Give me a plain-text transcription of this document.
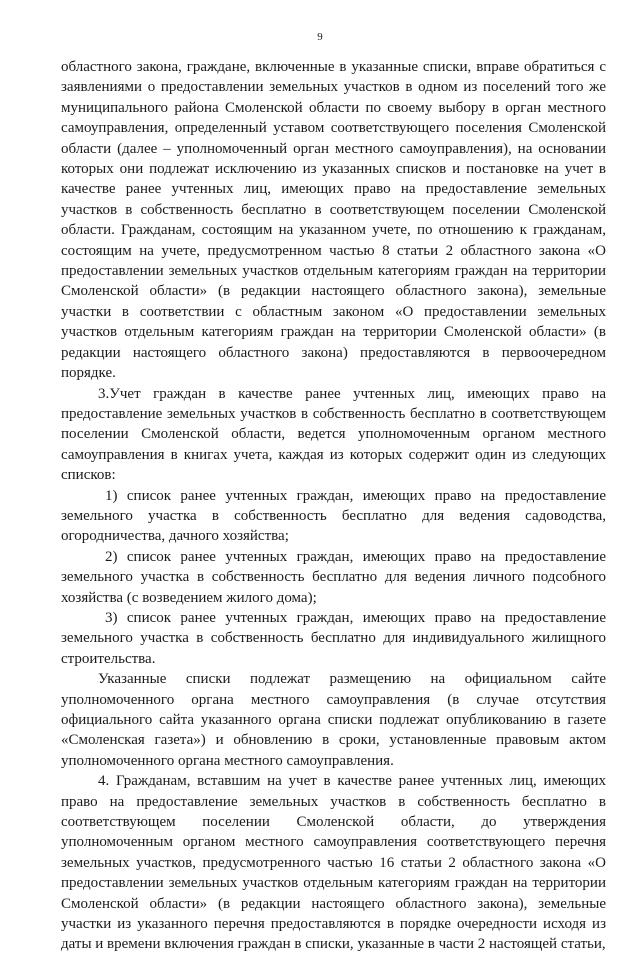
9

областного закона, граждане, включенные в указанные списки, вправе обратиться с заявлениями о предоставлении земельных участков в одном из поселений того же муниципального района Смоленской области по своему выбору в орган местного самоуправления, определенный уставом соответствующего поселения Смоленской области (далее – уполномоченный орган местного самоуправления), на основании которых они подлежат исключению из указанных списков и постановке на учет в качестве ранее учтенных лиц, имеющих право на предоставление земельных участков в собственность бесплатно в соответствующем поселении Смоленской области. Гражданам, состоящим на указанном учете, по отношению к гражданам, состоящим на учете, предусмотренном частью 8 статьи 2 областного закона «О предоставлении земельных участков отдельным категориям граждан на территории Смоленской области» (в редакции настоящего областного закона), земельные участки в соответствии с областным законом «О предоставлении земельных участков отдельным категориям граждан на территории Смоленской области» (в редакции настоящего областного закона) предоставляются в первоочередном порядке.

3.Учет граждан в качестве ранее учтенных лиц, имеющих право на предоставление земельных участков в собственность бесплатно в соответствующем поселении Смоленской области, ведется уполномоченным органом местного самоуправления в книгах учета, каждая из которых содержит один из следующих списков:

1) список ранее учтенных граждан, имеющих право на предоставление земельного участка в собственность бесплатно для ведения садоводства, огородничества, дачного хозяйства;

2) список ранее учтенных граждан, имеющих право на предоставление земельного участка в собственность бесплатно для ведения личного подсобного хозяйства (с возведением жилого дома);

3) список ранее учтенных граждан, имеющих право на предоставление земельного участка в собственность бесплатно для индивидуального жилищного строительства.

Указанные списки подлежат размещению на официальном сайте уполномоченного органа местного самоуправления (в случае отсутствия официального сайта указанного органа списки подлежат опубликованию в газете «Смоленская газета») и обновлению в сроки, установленные правовым актом уполномоченного органа местного самоуправления.

4. Гражданам, вставшим на учет в качестве ранее учтенных лиц, имеющих право на предоставление земельных участков в собственность бесплатно в соответствующем поселении Смоленской области, до утверждения уполномоченным органом местного самоуправления соответствующего перечня земельных участков, предусмотренного частью 16 статьи 2 областного закона «О предоставлении земельных участков отдельным категориям граждан на территории Смоленской области» (в редакции настоящего областного закона), земельные участки из указанного перечня предоставляются в порядке очередности исходя из даты и времени включения граждан в списки, указанные в части 2 настоящей статьи,
